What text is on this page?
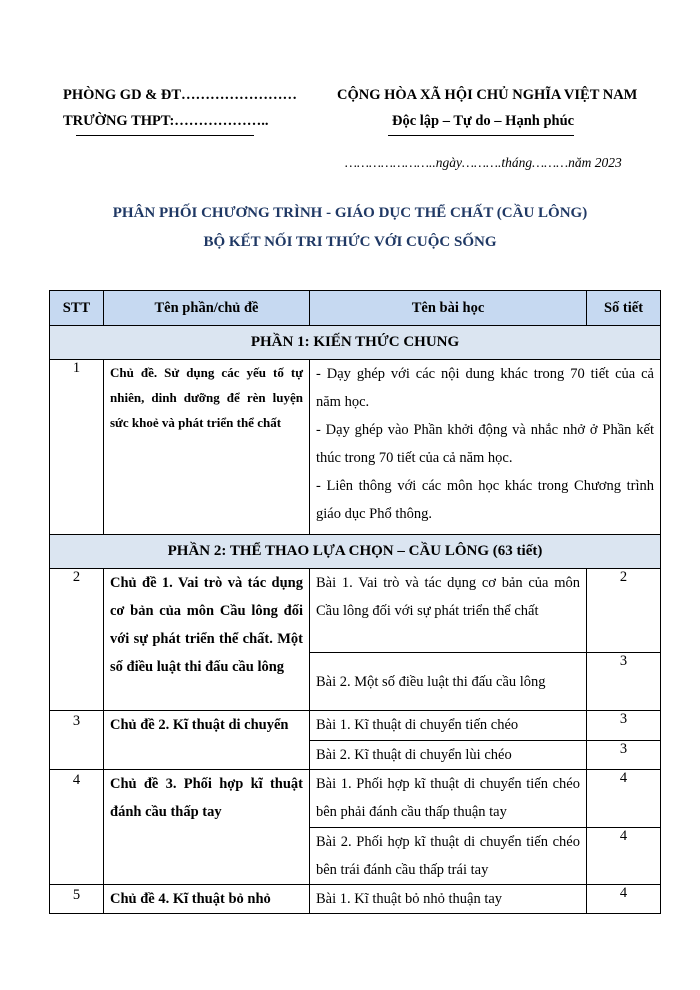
PHÒNG GD & ĐT……………………
TRƯỜNG THPT:………………..
CỘNG HÒA XÃ HỘI CHỦ NGHĨA VIỆT NAM
Độc lập – Tự do – Hạnh phúc
…………………..ngày……….tháng………năm 2023
PHÂN PHỐI CHƯƠNG TRÌNH - GIÁO DỤC THỂ CHẤT (CẦU LÔNG)
BỘ KẾT NỐI TRI THỨC VỚI CUỘC SỐNG
STT	Tên phần/chủ đề	Tên bài học	Số tiết
PHẦN 1: KIẾN THỨC CHUNG			
1	Chủ đề. Sử dụng các yếu tố tự nhiên, dinh dưỡng để rèn luyện sức khoẻ và phát triển thể chất	- Dạy ghép với các nội dung khác trong 70 tiết của cả năm học.

- Dạy ghép vào Phần khởi động và nhắc nhở ở Phần kết thúc trong 70 tiết của cả năm học.

- Liên thông với các môn học khác trong Chương trình giáo dục Phổ thông.	

PHẦN 2: THỂ THAO LỰA CHỌN – CẦU LÔNG (63 tiết)			
2	Chủ đề 1. Vai trò và tác dụng cơ bản của môn Cầu lông đối với sự phát triển thể chất. Một số điều luật thi đấu cầu lông	Bài 1. Vai trò và tác dụng cơ bản của môn Cầu lông đối với sự phát triển thể chất	2
		Bài 2. Một số điều luật thi đấu cầu lông	3
3	Chủ đề 2. Kĩ thuật di chuyển	Bài 1. Kĩ thuật di chuyển tiến chéo	3
		Bài 2. Kĩ thuật di chuyển lùi chéo	3
4	Chủ đề 3. Phối hợp kĩ thuật đánh cầu thấp tay	Bài 1. Phối hợp kĩ thuật di chuyển tiến chéo bên phải đánh cầu thấp thuận tay	4
		Bài 2. Phối hợp kĩ thuật di chuyển tiến chéo bên trái đánh cầu thấp trái tay	4
5	Chủ đề 4. Kĩ thuật bỏ nhỏ	Bài 1. Kĩ thuật bỏ nhỏ thuận tay	4
